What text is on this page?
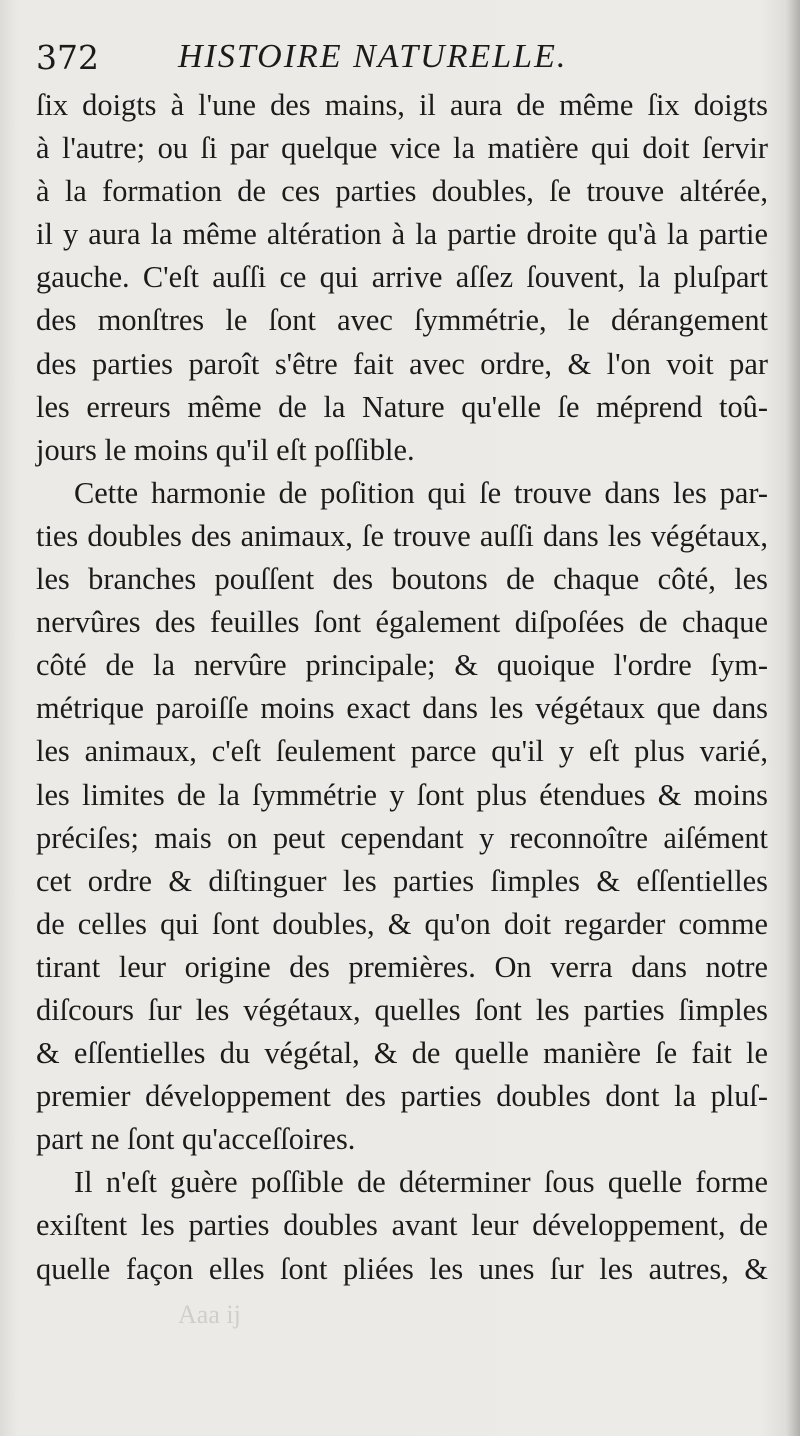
372 HISTOIRE NATURELLE.
ſix doigts à l'une des mains, il aura de même ſix doigts
à l'autre; ou ſi par quelque vice la matière qui doit ſervir
à la formation de ces parties doubles, ſe trouve altérée,
il y aura la même altération à la partie droite qu'à la partie
gauche. C'eſt auſſi ce qui arrive aſſez ſouvent, la pluſpart
des monſtres le ſont avec ſymmétrie, le dérangement
des parties paroît s'être fait avec ordre, & l'on voit par
les erreurs même de la Nature qu'elle ſe méprend toû-
jours le moins qu'il eſt poſſible.
Cette harmonie de poſition qui ſe trouve dans les par-
ties doubles des animaux, ſe trouve auſſi dans les végétaux,
les branches pouſſent des boutons de chaque côté, les
nervûres des feuilles ſont également diſpoſées de chaque
côté de la nervûre principale; & quoique l'ordre ſym-
métrique paroiſſe moins exact dans les végétaux que dans
les animaux, c'eſt ſeulement parce qu'il y eſt plus varié,
les limites de la ſymmétrie y ſont plus étendues & moins
préciſes; mais on peut cependant y reconnoître aiſément
cet ordre & diſtinguer les parties ſimples & eſſentielles
de celles qui ſont doubles, & qu'on doit regarder comme
tirant leur origine des premières. On verra dans notre
diſcours ſur les végétaux, quelles ſont les parties ſimples
& eſſentielles du végétal, & de quelle manière ſe fait le
premier développement des parties doubles dont la pluſ-
part ne ſont qu'acceſſoires.
Il n'eſt guère poſſible de déterminer ſous quelle forme
exiſtent les parties doubles avant leur développement, de
quelle façon elles ſont pliées les unes ſur les autres, &
Aaa ij
